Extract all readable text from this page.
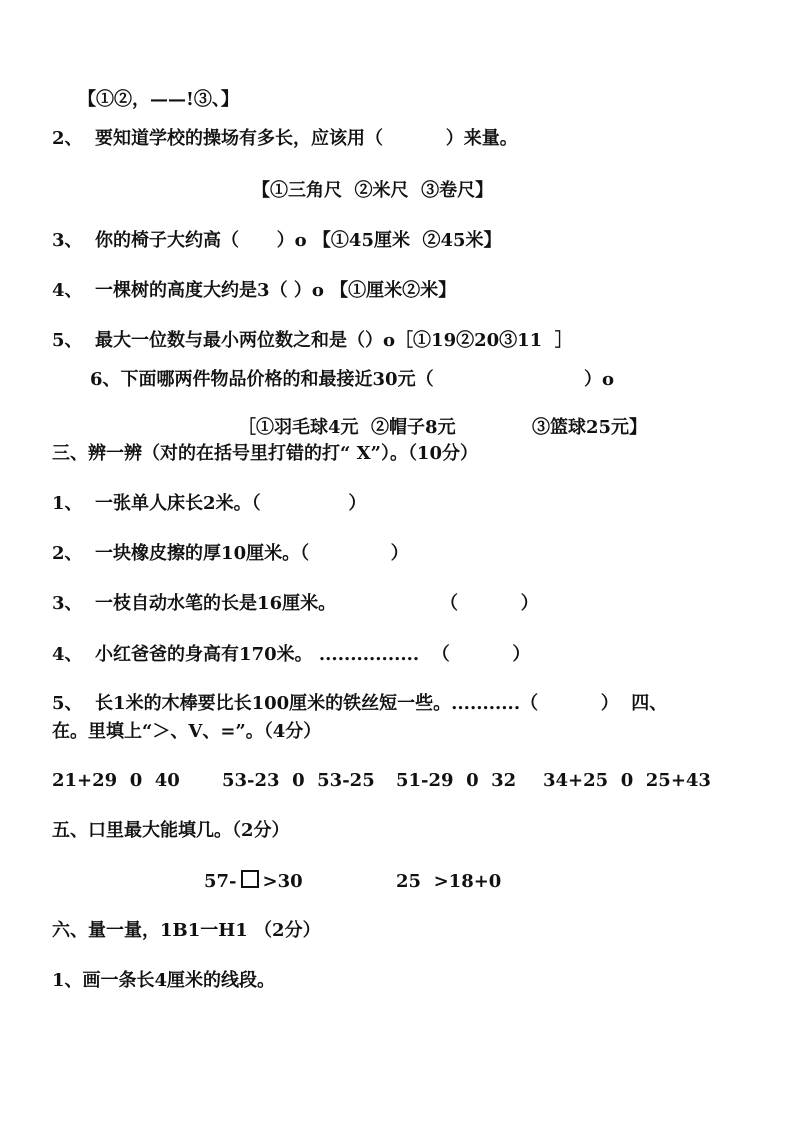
【①②，——!③、】
2、  要知道学校的操场有多长，应该用（          ）来量。
【①三角尺  ②米尺  ③卷尺】
3、  你的椅子大约高（      ）o 【①45厘米  ②45米】
4、  一棵树的高度大约是3（ ）o 【①厘米②米】
5、  最大一位数与最小两位数之和是（）o［①19②20③11  ］
6、下面哪两件物品价格的和最接近30元（                        ）o
［①羽毛球4元  ②帽子8元	③篮球25元】
三、辨一辨（对的在括号里打错的打“ X”）。（10分）
1、  一张单人床长2米。（              ）
2、  一块橡皮擦的厚10厘米。（             ）
3、  一枝自动水笔的长是16厘米。	（          ）
4、  小红爸爸的身高有170米。 ................  （          ）
5、  长1米的木棒要比长100厘米的铁丝短一些。...........（          ）  四、
在。里填上“＞、V、=”。（4分）
21+29  0  40 53-23  0  53-25 51-29  0  32 34+25  0  25+43
五、口里最大能填几。（2分）
57- >30	25  >18+0
六、量一量，1B1一H1 （2分）
1、画一条长4厘米的线段。
